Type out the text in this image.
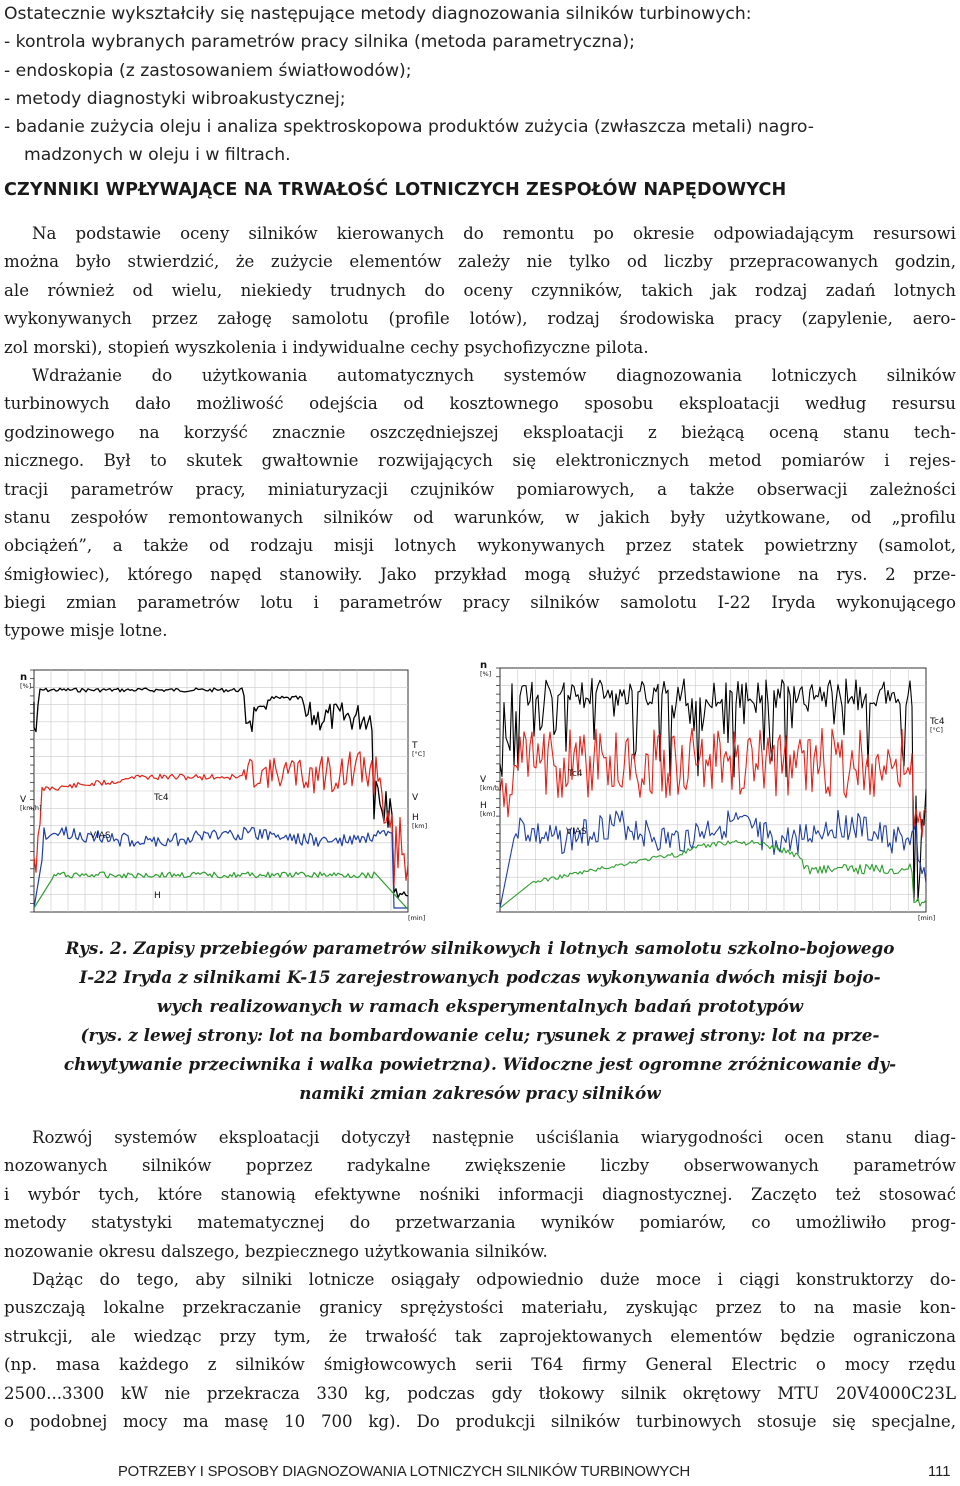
Ostatecznie wykształciły się następujące metody diagnozowania silników turbinowych:
- kontrola wybranych parametrów pracy silnika (metoda parametryczna);
- endoskopia (z zastosowaniem światłowodów);
- metody diagnostyki wibroakustycznej;
- badanie zużycia oleju i analiza spektroskopowa produktów zużycia (zwłaszcza metali) nagro-
madzonych w oleju i w filtrach.
CZYNNIKI WPŁYWAJĄCE NA TRWAŁOŚĆ LOTNICZYCH ZESPOŁÓW NAPĘDOWYCH
Na podstawie oceny silników kierowanych do remontu po okresie odpowiadającym resursowi
można było stwierdzić, że zużycie elementów zależy nie tylko od liczby przepracowanych godzin,
ale również od wielu, niekiedy trudnych do oceny czynników, takich jak rodzaj zadań lotnych
wykonywanych przez załogę samolotu (profile lotów), rodzaj środowiska pracy (zapylenie, aero-
zol morski), stopień wyszkolenia i indywidualne cechy psychofizyczne pilota.
Wdrażanie do użytkowania automatycznych systemów diagnozowania lotniczych silników
turbinowych dało możliwość odejścia od kosztownego sposobu eksploatacji według resursu
godzinowego na korzyść znacznie oszczędniejszej eksploatacji z bieżącą oceną stanu tech-
nicznego. Był to skutek gwałtownie rozwijających się elektronicznych metod pomiarów i rejes-
tracji parametrów pracy, miniaturyzacji czujników pomiarowych, a także obserwacji zależności
stanu zespołów remontowanych silników od warunków, w jakich były użytkowane, od „profilu
obciążeń”, a także od rodzaju misji lotnych wykonywanych przez statek powietrzny (samolot,
śmigłowiec), którego napęd stanowiły. Jako przykład mogą służyć przedstawione na rys. 2 prze-
biegi zmian parametrów lotu i parametrów pracy silników samolotu I-22 Iryda wykonującego
typowe misje lotne.
n
[%]
V
[km/h]
T
[°C]
V
H
[km]
Tc4
VIAS
H
[min]
n
[%]
V
[km/h]
H
[km]
Tc4
[°C]
Tc4
VIAS
[min]
Rys. 2. Zapisy przebiegów parametrów silnikowych i lotnych samolotu szkolno-bojowego
I-22 Iryda z silnikami K-15 zarejestrowanych podczas wykonywania dwóch misji bojo-
wych realizowanych w ramach eksperymentalnych badań prototypów
(rys. z lewej strony: lot na bombardowanie celu; rysunek z prawej strony: lot na prze-
chwytywanie przeciwnika i walka powietrzna). Widoczne jest ogromne zróżnicowanie dy-
namiki zmian zakresów pracy silników
Rozwój systemów eksploatacji dotyczył następnie uściślania wiarygodności ocen stanu diag-
nozowanych silników poprzez radykalne zwiększenie liczby obserwowanych parametrów
i wybór tych, które stanowią efektywne nośniki informacji diagnostycznej. Zaczęto też stosować
metody statystyki matematycznej do przetwarzania wyników pomiarów, co umożliwiło prog-
nozowanie okresu dalszego, bezpiecznego użytkowania silników.
Dążąc do tego, aby silniki lotnicze osiągały odpowiednio duże moce i ciągi konstruktorzy do-
puszczają lokalne przekraczanie granicy sprężystości materiału, zyskując przez to na masie kon-
strukcji, ale wiedząc przy tym, że trwałość tak zaprojektowanych elementów będzie ograniczona
(np. masa każdego z silników śmigłowcowych serii T64 firmy General Electric o mocy rzędu
2500...3300 kW nie przekracza 330 kg, podczas gdy tłokowy silnik okrętowy MTU 20V4000C23L
o podobnej mocy ma masę 10 700 kg). Do produkcji silników turbinowych stosuje się specjalne,
POTRZEBY I SPOSOBY DIAGNOZOWANIA LOTNICZYCH SILNIKÓW TURBINOWYCH	111
